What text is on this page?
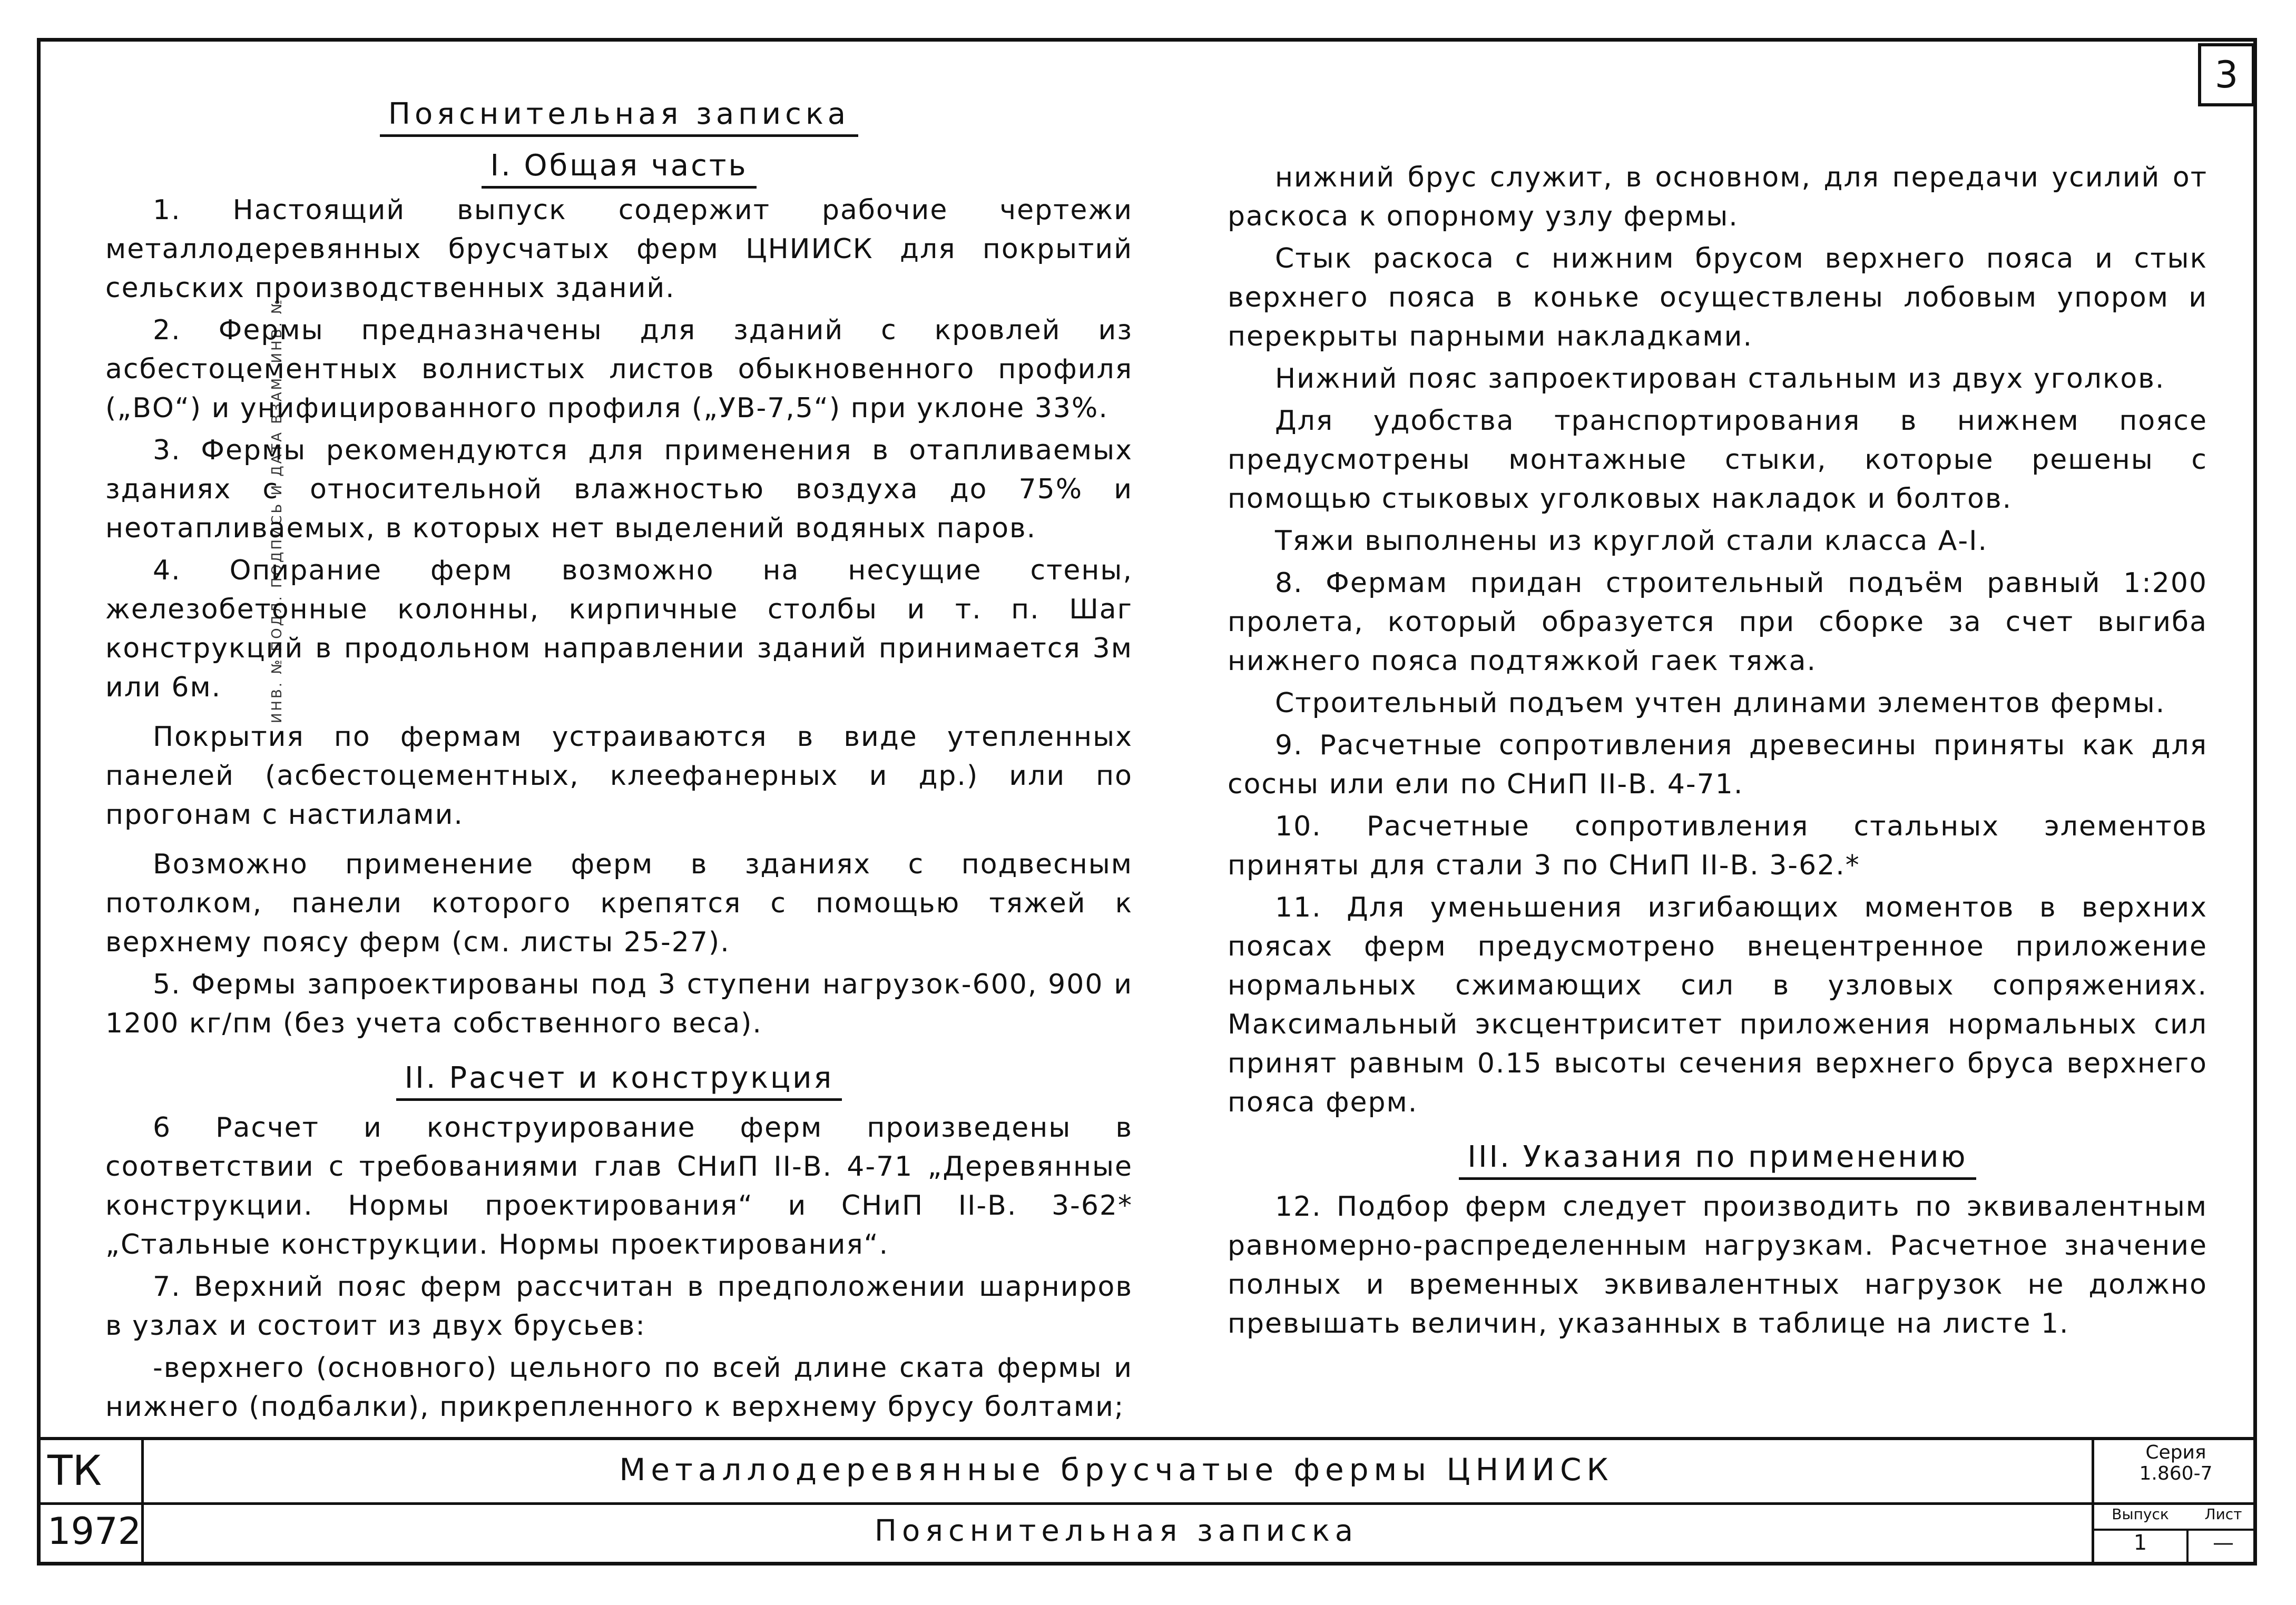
ИНВ. № ПОДЛ. ПОДПИСЬ И ДАТА ВЗАМ. ИНВ. №
3
Пояснительная записка
I. Общая часть

1. Настоящий выпуск содержит рабочие чертежи металлодеревянных брусчатых ферм ЦНИИСК для покрытий сельских производственных зданий.

2. Фермы предназначены для зданий с кровлей из асбестоцементных волнистых листов обыкновенного профиля („ВО“) и унифицированного профиля („УВ-7,5“) при уклоне 33%.

3. Фермы рекомендуются для применения в отапливаемых зданиях с относительной влажностью воздуха до 75% и неотапливаемых, в которых нет выделений водяных паров.

4. Опирание ферм возможно на несущие стены, железобетонные колонны, кирпичные столбы и т. п. Шаг конструкций в продольном направлении зданий принимается 3м или 6м.

Покрытия по фермам устраиваются в виде утепленных панелей (асбестоцементных, клеефанерных и др.) или по прогонам с настилами.

Возможно применение ферм в зданиях с подвесным потолком, панели которого крепятся с помощью тяжей к верхнему поясу ферм (см. листы 25-27).

5. Фермы запроектированы под 3 ступени нагрузок-600, 900 и 1200 кг/пм (без учета собственного веса).

II. Расчет и конструкция

6 Расчет и конструирование ферм произведены в соответствии с требованиями глав СНиП II-В. 4-71 „Деревянные конструкции. Нормы проектирования“ и СНиП II-В. 3-62* „Стальные конструкции. Нормы проектирования“.

7. Верхний пояс ферм рассчитан в предположении шарниров в узлах и состоит из двух брусьев:

-верхнего (основного) цельного по всей длине ската фермы и нижнего (подбалки), прикрепленного к верхнему брусу болтами;

нижний брус служит, в основном, для передачи усилий от раскоса к опорному узлу фермы.

Стык раскоса с нижним брусом верхнего пояса и стык верхнего пояса в коньке осуществлены лобовым упором и перекрыты парными накладками.

Нижний пояс запроектирован стальным из двух уголков.

Для удобства транспортирования в нижнем поясе предусмотрены монтажные стыки, которые решены с помощью стыковых уголковых накладок и болтов.

Тяжи выполнены из круглой стали класса А-I.

8. Фермам придан строительный подъём равный 1:200 пролета, который образуется при сборке за счет выгиба нижнего пояса подтяжкой гаек тяжа.

Строительный подъем учтен длинами элементов фермы.

9. Расчетные сопротивления древесины приняты как для сосны или ели по СНиП II-В. 4-71.

10. Расчетные сопротивления стальных элементов приняты для стали 3 по СНиП II-В. 3-62.*

11. Для уменьшения изгибающих моментов в верхних поясах ферм предусмотрено внецентренное приложение нормальных сжимающих сил в узловых сопряжениях. Максимальный эксцентриситет приложения нормальных сил принят равным 0.15 высоты сечения верхнего бруса верхнего пояса ферм.

III. Указания по применению

12. Подбор ферм следует производить по эквивалентным равномерно-распределенным нагрузкам. Расчетное значение полных и временных эквивалентных нагрузок не должно превышать величин, указанных в таблице на листе 1.

ТК
1972
Металлодеревянные брусчатые фермы ЦНИИСК
Пояснительная записка
Серия
1.860-7
Выпуск	Лист
1	—
